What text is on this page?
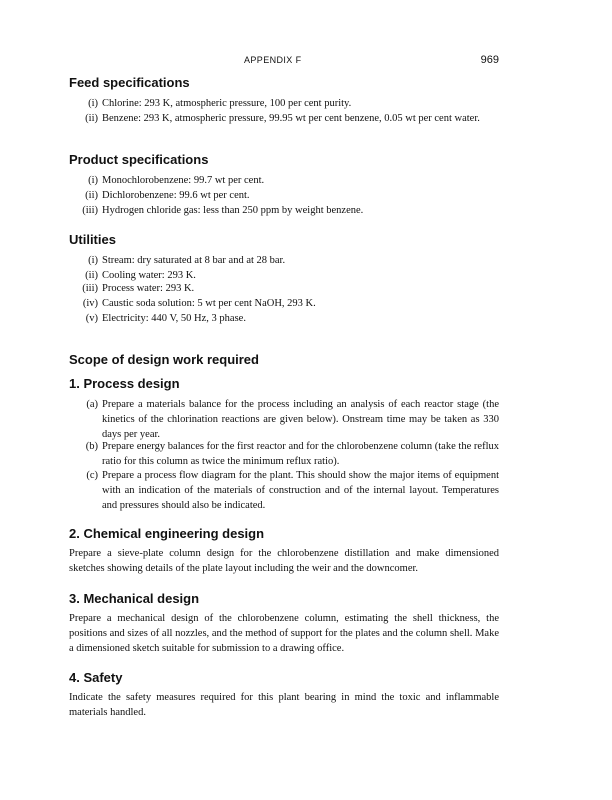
APPENDIX F	969
Feed specifications
(i) Chlorine: 293 K, atmospheric pressure, 100 per cent purity.
(ii) Benzene: 293 K, atmospheric pressure, 99.95 wt per cent benzene, 0.05 wt per cent water.
Product specifications
(i) Monochlorobenzene: 99.7 wt per cent.
(ii) Dichlorobenzene: 99.6 wt per cent.
(iii) Hydrogen chloride gas: less than 250 ppm by weight benzene.
Utilities
(i) Stream: dry saturated at 8 bar and at 28 bar.
(ii) Cooling water: 293 K.
(iii) Process water: 293 K.
(iv) Caustic soda solution: 5 wt per cent NaOH, 293 K.
(v) Electricity: 440 V, 50 Hz, 3 phase.
Scope of design work required
1. Process design
(a) Prepare a materials balance for the process including an analysis of each reactor stage (the kinetics of the chlorination reactions are given below). Onstream time may be taken as 330 days per year.
(b) Prepare energy balances for the first reactor and for the chlorobenzene column (take the reflux ratio for this column as twice the minimum reflux ratio).
(c) Prepare a process flow diagram for the plant. This should show the major items of equipment with an indication of the materials of construction and of the internal layout. Temperatures and pressures should also be indicated.
2. Chemical engineering design

Prepare a sieve-plate column design for the chlorobenzene distillation and make dimensioned sketches showing details of the plate layout including the weir and the downcomer.

3. Mechanical design

Prepare a mechanical design of the chlorobenzene column, estimating the shell thickness, the positions and sizes of all nozzles, and the method of support for the plates and the column shell. Make a dimensioned sketch suitable for submission to a drawing office.

4. Safety

Indicate the safety measures required for this plant bearing in mind the toxic and inflammable materials handled.
